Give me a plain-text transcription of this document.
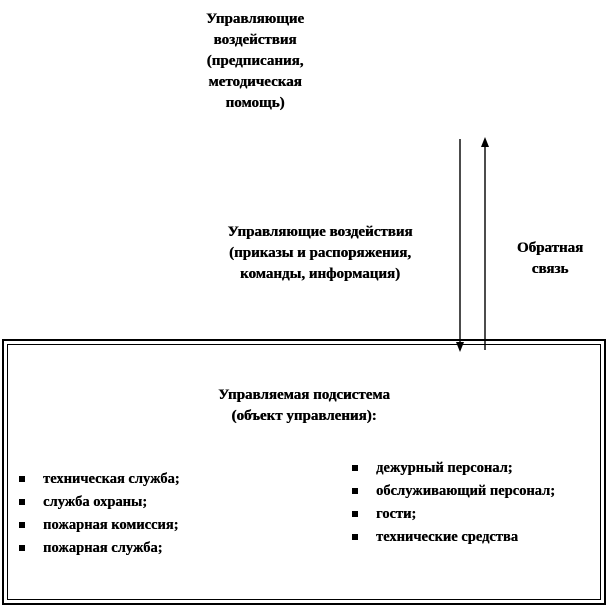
Управляющие
воздействия
(предписания,
методическая
помощь)
Управляющие воздействия
(приказы и распоряжения,
команды, информация)
Обратная
связь
Управляемая подсистема
(объект управления):
техническая служба;
служба охраны;
пожарная комиссия;
пожарная служба;
дежурный персонал;
обслуживающий персонал;
гости;
технические средства
